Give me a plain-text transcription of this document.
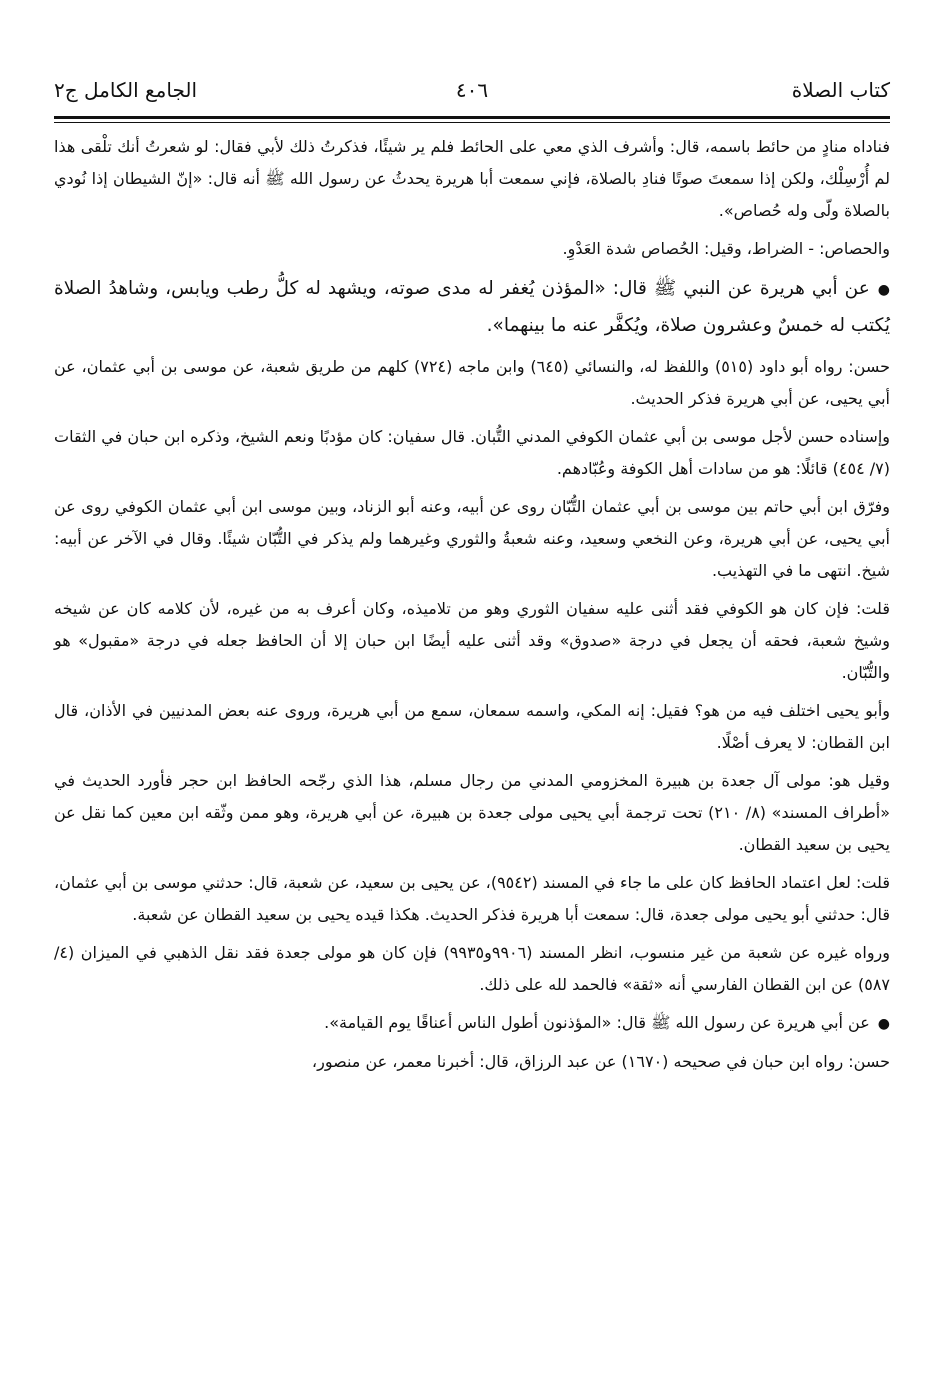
كتاب الصلاة
٤٠٦
الجامع الكامل ج٢

فناداه منادٍ من حائط باسمه، قال: وأشرف الذي معي على الحائط فلم ير شيئًا، فذكرتُ ذلك لأبي فقال: لو شعرتُ أنك تلْقى هذا لم أُرْسِلْك، ولكن إذا سمعتَ صوتًا فنادِ بالصلاة، فإني سمعت أبا هريرة يحدثُ عن رسول الله ﷺ أنه قال: «إنّ الشيطان إذا نُودي بالصلاة ولّى وله حُصاص».

والحصاص: - الضراط، وقيل: الحُصاص شدة العَدْوِ.

●عن أبي هريرة عن النبي ﷺ قال: «المؤذن يُغفر له مدى صوته، ويشهد له كلُّ رطب ويابس، وشاهدُ الصلاة يُكتب له خمسٌ وعشرون صلاة، ويُكفَّر عنه ما بينهما».

حسن: رواه أبو داود (٥١٥) واللفظ له، والنسائي (٦٤٥) وابن ماجه (٧٢٤) كلهم من طريق شعبة، عن موسى بن أبي عثمان، عن أبي يحيى، عن أبي هريرة فذكر الحديث.

وإسناده حسن لأجل موسى بن أبي عثمان الكوفي المدني التُّبان. قال سفيان: كان مؤدبًا ونعم الشيخ، وذكره ابن حبان في الثقات (٧/ ٤٥٤) قائلًا: هو من سادات أهل الكوفة وعُبّادهم.

وفرّق ابن أبي حاتم بين موسى بن أبي عثمان التُّبّان روى عن أبيه، وعنه أبو الزناد، وبين موسى ابن أبي عثمان الكوفي روى عن أبي يحيى، عن أبي هريرة، وعن النخعي وسعيد، وعنه شعبةُ والثوري وغيرهما ولم يذكر في التُّبّان شيئًا. وقال في الآخر عن أبيه: شيخ. انتهى ما في التهذيب.

قلت: فإن كان هو الكوفي فقد أثنى عليه سفيان الثوري وهو من تلاميذه، وكان أعرف به من غيره، لأن كلامه كان عن شيخه وشيخ شعبة، فحقه أن يجعل في درجة «صدوق» وقد أثنى عليه أيضًا ابن حبان إلا أن الحافظ جعله في درجة «مقبول» هو والتُّبّان.

وأبو يحيى اختلف فيه من هو؟ فقيل: إنه المكي، واسمه سمعان، سمع من أبي هريرة، وروى عنه بعض المدنيين في الأذان، قال ابن القطان: لا يعرف أصْلًا.

وقيل هو: مولى آل جعدة بن هبيرة المخزومي المدني من رجال مسلم، هذا الذي رجّحه الحافظ ابن حجر فأورد الحديث في «أطراف المسند» (٨/ ٢١٠) تحت ترجمة أبي يحيى مولى جعدة بن هبيرة، عن أبي هريرة، وهو ممن وثّقه ابن معين كما نقل عن يحيى بن سعيد القطان.

قلت: لعل اعتماد الحافظ كان على ما جاء في المسند (٩٥٤٢)، عن يحيى بن سعيد، عن شعبة، قال: حدثني موسى بن أبي عثمان، قال: حدثني أبو يحيى مولى جعدة، قال: سمعت أبا هريرة فذكر الحديث. هكذا قيده يحيى بن سعيد القطان عن شعبة.

ورواه غيره عن شعبة من غير منسوب، انظر المسند (٩٩٠٦و٩٩٣٥) فإن كان هو مولى جعدة فقد نقل الذهبي في الميزان (٤/ ٥٨٧) عن ابن القطان الفارسي أنه «ثقة» فالحمد لله على ذلك.

●عن أبي هريرة عن رسول الله ﷺ قال: «المؤذنون أطول الناس أعناقًا يوم القيامة».

حسن: رواه ابن حبان في صحيحه (١٦٧٠) عن عبد الرزاق، قال: أخبرنا معمر، عن منصور،
